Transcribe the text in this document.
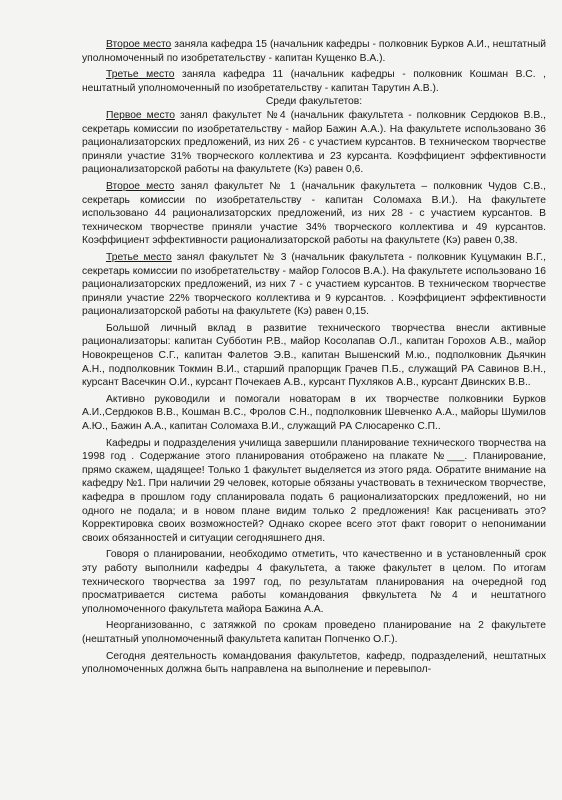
Второе место заняла кафедра 15 (начальник кафедры - полковник Бурков А.И., нештатный уполномоченный по изобретательству - капитан Кущенко В.А.).

Третье место заняла кафедра 11 (начальник кафедры - полковник Кошман В.С. , нештатный уполномоченный по изобретательству - капитан Тарутин А.В.).

Среди факультетов:

Первое место занял факультет №4 (начальник факультета - полковник Сердюков В.В., секретарь комиссии по изобретательству - майор Бажин А.А.). На факультете использовано 36 рационализаторских предложений, из них 26 - с участием курсантов. В техническом творчестве приняли участие 31% творческого коллектива и 23 курсанта. Коэффициент эффективности рационализаторской работы на факультете (Кэ) равен 0,6.

Второе место занял факультет № 1 (начальник факультета – полковник Чудов С.В., секретарь комиссии по изобретательству - капитан Соломаха В.И.). На факультете использовано 44 рационализаторских предложений, из них 28 - с участием курсантов. В техническом творчестве приняли участие 34% творческого коллектива и 49 курсантов. Коэффициент эффективности рационализаторской работы на факультете (Кэ) равен 0,38.

Третье место занял факультет № 3 (начальник факультета - полковник Куцумакин В.Г., секретарь комиссии по изобретательству - майор Голосов В.А.). На факультете использовано 16 рационализаторских предложений, из них 7 - с участием курсантов. В техническом творчестве приняли участие 22% творческого коллектива и 9 курсантов. . Коэффициент эффективности рационализаторской работы на факультете (Кэ) равен 0,15.

Большой личный вклад в развитие технического творчества внесли активные рационализаторы: капитан Субботин Р.В., майор Косолапав О.Л., капитан Горохов А.В., майор Новокрещенов С.Г., капитан Фалетов Э.В., капитан Вышенский М.ю., подполковник Дьячкин А.Н., подполковник Токмин В.И., старший прапорщик Грачев П.Б., служащий РА Савинов В.Н., курсант Васечкин О.И., курсант Почекаев А.В., курсант Пухляков А.В., курсант Двинских В.В..

Активно руководили и помогали новаторам в их творчестве полковники Бурков А.И.,Сердюков В.В., Кошман В.С., Фролов С.Н., подполковник Шевченко А.А., майоры Шумилов А.Ю., Бажин А.А., капитан Соломаха В.И., служащий РА Слюсаренко С.П..

Кафедры и подразделения училища завершили планирование технического творчества на 1998 год . Содержание этого планирования отображено на плакате №___. Планирование, прямо скажем, щадящее! Только 1 факультет выделяется из этого ряда. Обратите внимание на кафедру №1. При наличии 29 человек, которые обязаны участвовать в техническом творчестве, кафедра в прошлом году спланировала подать 6 рационализаторских предложений, но ни одного не подала; и в новом плане видим только 2 предложения! Как расценивать это? Корректировка своих возможностей? Однако скорее всего этот факт говорит о непонимании своих обязанностей и ситуации сегодняшнего дня.

Говоря о планировании, необходимо отметить, что качественно и в установленный срок эту работу выполнили кафедры 4 факультета, а также факультет в целом. По итогам технического творчества за 1997 год, по результатам планирования на очередной год просматривается система работы командования фвкультета №4 и нештатного уполномоченного факультета майора Бажина А.А.

Неорганизованно, с затяжкой по срокам проведено планирование на 2 факультете (нештатный уполномоченный факультета капитан Попченко О.Г.).

Сегодня деятельность командования факультетов, кафедр, подразделений, нештатных уполномоченных должна быть направлена на выполнение и перевыпол-
